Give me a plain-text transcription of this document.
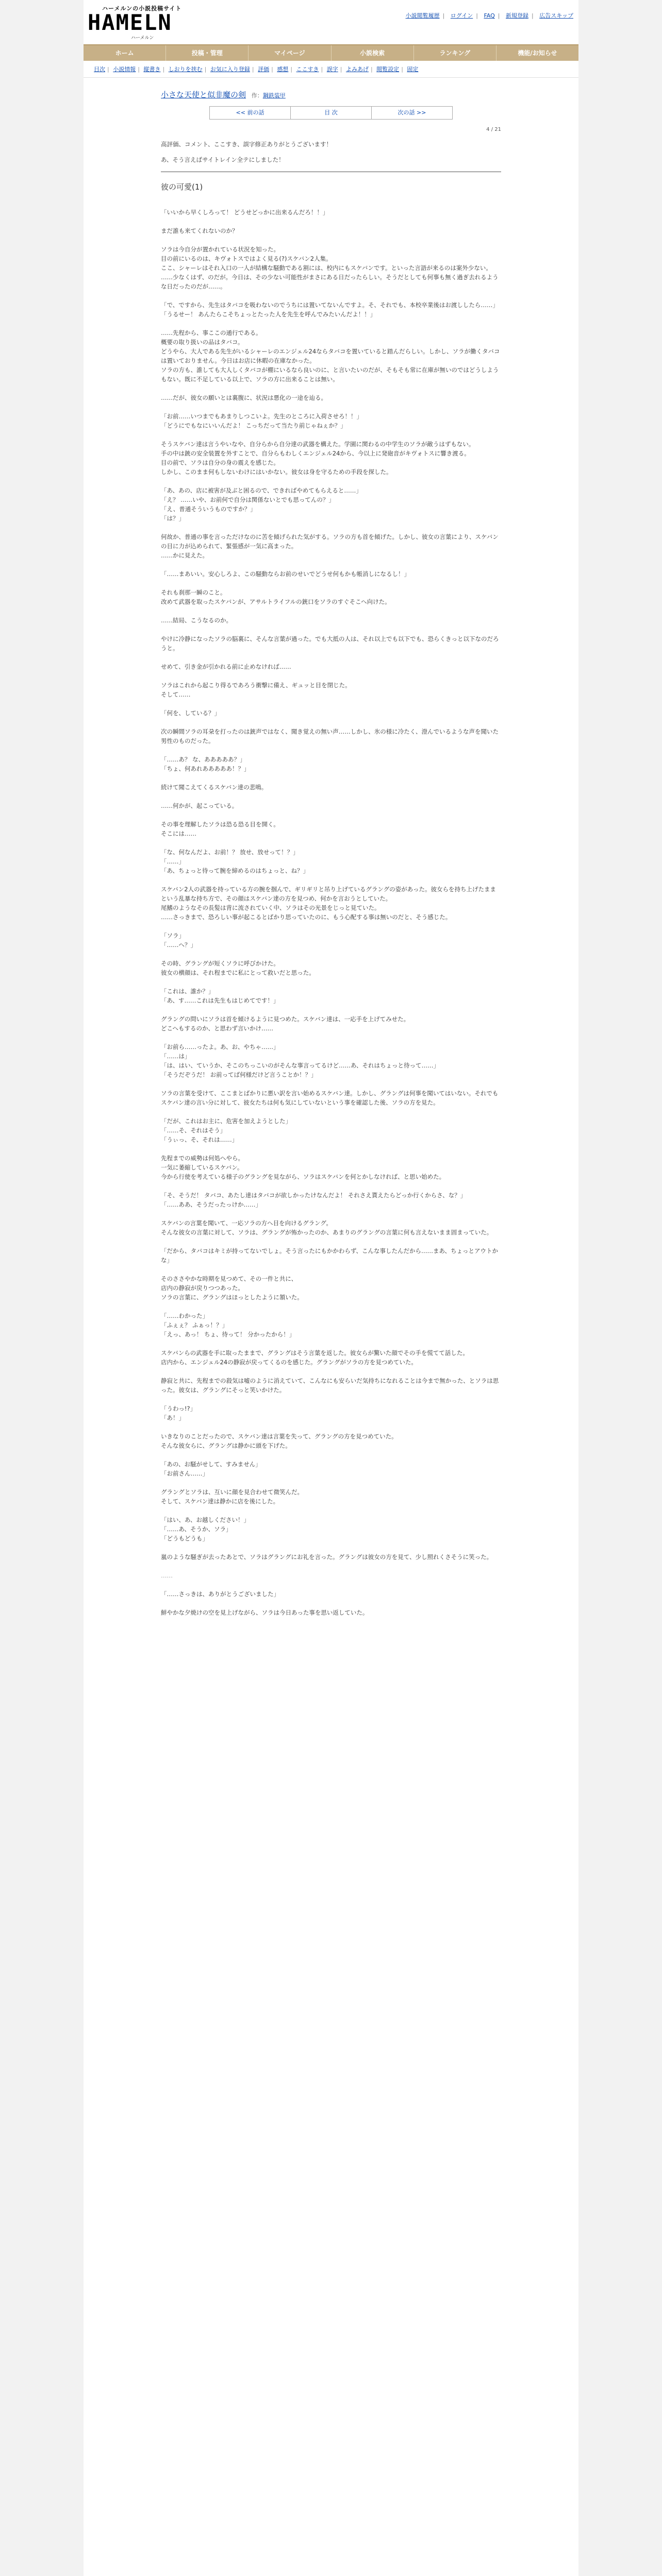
ハーメルンの小説投稿サイト
HAMELN
ハーメルン
小説閲覧履歴 | ログイン | FAQ | 新規登録 | 広告スキップ
ホーム	投稿・管理	マイページ	小説検索	ランキング	機能/お知らせ
目次 | 小説情報 | 縦書き | しおりを挟む | お気に入り登録 | 評価 | 感想 | ここすき | 誤字 | よみあげ | 閲覧設定 | 固定
小さな天使と似非魔の剣 作：鋼鉄装甲
<< 前の話	目 次	次の話 >>
4 / 21

高評価、コメント、ここすき、誤字修正ありがとうございます！

あ、そう言えばサイトレイン全テにしました！

彼の可愛(1)

「いいから早くしろって！ どうせどっかに出来るんだろ！！」

まだ誰も来てくれないのか？

ソラは今自分が置かれている状況を知った。
目の前にいるのは、キヴォトスではよく見る(?)スケバン2人集。
ここ、シャーレはそれ入口の一人が結構な騒動である割には、校内にもスケバンです。といった言語が来るのは案外少ない。
……少なくはず、のだが。今日は、その少ない可能性がまさにある日だったらしい。そうだとしても何事も無く過ぎ去れるような日だったのだが……。

「で、ですから、先生はタバコを吸わないのでうちには置いてないんですよ。そ、それでも、本校卒業後はお渡ししたら……」
「うるせー！ あんたらこそちょっとたった人を先生を呼んでみたいんだよ！！」

……先程から、事ここの通行である。
概要の取り扱いの品はタバコ。
どうやら、大人である先生がいるシャーレのエンジェル24ならタバコを置いていると踏んだらしい。しかし、ソラが働くタバコは置いておりません。今日はお店に休暇の在庫なかった。
ソラの方も、誰しても大人しくタバコが棚にいるなら良いのに、と言いたいのだが、そもそも常に在庫が無いのではどうしようもない。既に不足している以上で、ソラの方に出来ることは無い。

……だが、彼女の願いとは裏腹に、状況は悪化の一途を辿る。

「お前……いつまでもあまりしつこいよ。先生のところに入荷させろ！！」
「どうにでもなにいいんだよ！ こっちだって当たり前じゃねぇか？」

そうスケバン達は言うやいなや、自分らから自分達の武器を構えた。学園に関わるの中学生のソラが敵うはずもない。
手の中は銃の安全装置を外すことで、自分らもわしくエンジェル24から、今以上に発砲音がキヴォトスに響き渡る。
目の前で、ソラは自分の身の震えを感じた。
しかし、このまま何もしないわけにはいかない。彼女は身を守るための手段を探した。

「あ、あの、店に被害が及ぶと困るので、できればやめてもらえると……」
「え？ ……いや、お前何で自分は関係ないとでも思ってんの？」
「え、普通そういうものですか？」
「は？」

何故か、普通の事を言っただけなのに苦を傾げられた気がする。ソラの方も首を傾げた。しかし、彼女の言葉により、スケバンの目に力が込められて、緊張感が一気に高まった。
……かに見えた。

「……まあいい。安心しろよ、この騒動ならお前のせいでどうせ何もかも帳消しになるし！」

それも刹那一瞬のこと。
改めて武器を取ったスケバンが、アサルトライフルの銃口をソラのすぐそこへ向けた。

……結局、こうなるのか。

やけに冷静になったソラの脳裏に、そんな言葉が過った。でも大抵の人は、それ以上でも以下でも、恐らくきっと以下なのだろうと。

せめて、引き金が引かれる前に止めなければ……

ソラはこれから起こり得るであろう衝撃に備え、ギュッと目を閉じた。
そして……

「何を、している？」

次の瞬間ソラの耳朶を打ったのは銃声ではなく、聞き覚えの無い声……しかし、氷の様に冷たく、澄んでいるような声を聞いた男性のものだった。

「……あ？ な、あああああ？」
「ちょ、何あれあああああ！？」

続けて聞こえてくるスケバン達の悲鳴。

……何かが、起こっている。

その事を理解したソラは恐る恐る目を開く。
そこには……

「な、何なんだよ、お前！？ 放せ、放せって！？」
「……」
「あ、ちょっと待って腕を締めるのはちょっと、ね？」

スケバン2人の武器を持っている方の腕を掴んで、ギリギリと吊り上げているグラングの姿があった。彼女らを持ち上げたままという乱暴な持ち方で、その顔はスケバン達の方を見つめ、何かを言おうとしていた。
尾鰭のようなその長髪は背に流されていく中、ソラはその光景をじっと見ていた。
……さっきまで、恐ろしい事が起こるとばかり思っていたのに、もう心配する事は無いのだと、そう感じた。

「ソラ」
「……へ？」

その時、グラングが短くソラに呼びかけた。
彼女の横顔は、それ程までに私にとって救いだと思った。

「これは、誰か？」
「あ、す……これは先生もはじめてです！」

グラングの問いにソラは首を傾けるように見つめた。スケバン達は、一応手を上げてみせた。
どこへもするのか、と思わず言いかけ……

「お前ら……ったよ。あ、お、やちゃ……」
「……は」
「は、はい、ていうか、そこのちっこいのがそんな事言ってるけど……あ、それはちょっと待って……」
「そうだぞうだ！ お前ってば何様だけど言うことか！？」

ソラの言葉を受けて、ここまとばかりに悪い訳を言い始めるスケバン達。しかし、グラングは何事を聞いてはいない。それでもスケバン達の言い分に対して、彼女たちは何も気にしていないという事を確認した後、ソラの方を見た。

「だが、これはお主に、危害を加えようとした」
「……そ、それはそう」
「うぃっ、そ、それは……」

先程までの威勢は何処へやら。
一気に萎縮しているスケバン。
今から行使を考えている様子のグラングを見ながら、ソラはスケバンを何とかしなければ、と思い始めた。

「そ、そうだ！ タバコ、あたし達はタバコが欲しかったけなんだよ！ それさえ貰えたらどっか行くからさ、な？」
「……ああ、そうだったっけか……」

スケバンの言葉を聞いて、一応ソラの方へ目を向けるグラング。
そんな彼女の言葉に対して、ソラは、グラングが怖かったのか、あまりのグラングの言葉に何も言えないまま固まっていた。

「だから、タバコはキミが持ってないでしょ。そう言ったにもかかわらず、こんな事したんだから……まあ、ちょっとアウトかな」

そのささやかな時期を見つめて、その一件と共に、
店内の静寂が戻りつつあった。
ソラの言葉に、グラングはほっとしたように頷いた。

「……わかった」
「ふぇぇ？ ふぁっ！？」
「えっ、あっ！ ちょ、待って！ 分かったから！」

スケバンらの武器を手に取ったままで、グラングはそう言葉を返した。彼女らが驚いた顔でその手を慌てて話した。
店内から、エンジェル24の静寂が戻ってくるのを感じた。グラングがソラの方を見つめていた。

静寂と共に、先程までの殺気は嘘のように消えていて、こんなにも安らいだ気持ちになれることは今まで無かった、とソラは思った。彼女は、グラングにそっと笑いかけた。

「うわっ!?」
「あ！」

いきなりのことだったので、スケバン達は言葉を失って、グラングの方を見つめていた。
そんな彼女らに、グラングは静かに頭を下げた。

「あの、お騒がせして、すみません」
「お前さん……」

グラングとソラは、互いに顔を見合わせて微笑んだ。
そして、スケバン達は静かに店を後にした。

「はい、あ、お越しください！」
「……あ、そうか、ソラ」
「どうもどうも」

嵐のような騒ぎが去ったあとで、ソラはグラングにお礼を言った。グラングは彼女の方を見て、少し照れくさそうに笑った。

……

「……さっきは、ありがとうございました」

鮮やかな夕焼けの空を見上げながら、ソラは今日あった事を思い返していた。
